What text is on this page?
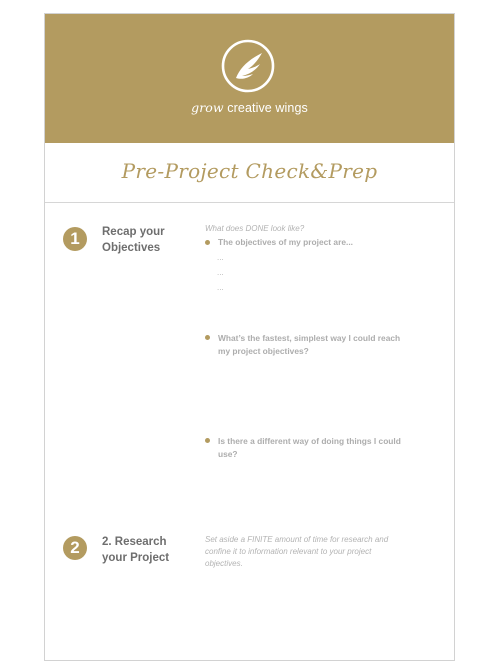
grow creative wings
Pre-Project Check&Prep
1	Recap your
Objectives
What does DONE look like?
The objectives of my project are...
...
...
...
What’s the fastest, simplest way I could reach
my project objectives?
Is there a different way of doing things I could
use?
2	2. Research
your Project
Set aside a FINITE amount of time for research and
confine it to information relevant to your project
objectives.
